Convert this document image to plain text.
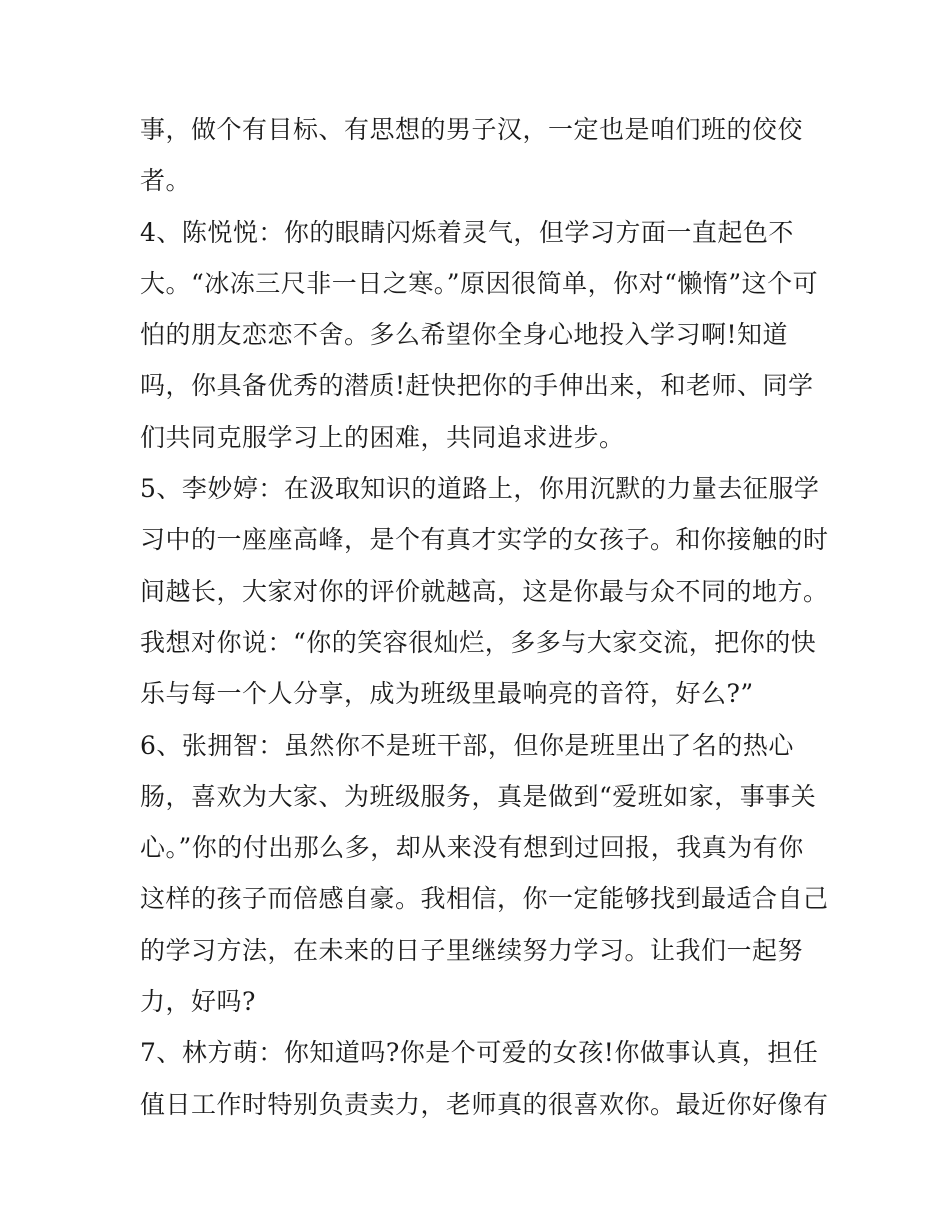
事，做个有目标、有思想的男子汉，一定也是咱们班的佼佼
者。
4、陈悦悦：你的眼睛闪烁着灵气，但学习方面一直起色不
大。“冰冻三尺非一日之寒。”原因很简单，你对“懒惰”这个可
怕的朋友恋恋不舍。多么希望你全身心地投入学习啊!知道
吗，你具备优秀的潜质!赶快把你的手伸出来，和老师、同学
们共同克服学习上的困难，共同追求进步。
5、李妙婷：在汲取知识的道路上，你用沉默的力量去征服学
习中的一座座高峰，是个有真才实学的女孩子。和你接触的时
间越长，大家对你的评价就越高，这是你最与众不同的地方。
我想对你说：“你的笑容很灿烂，多多与大家交流，把你的快
乐与每一个人分享，成为班级里最响亮的音符，好么?”
6、张拥智：虽然你不是班干部，但你是班里出了名的热心
肠，喜欢为大家、为班级服务，真是做到“爱班如家，事事关
心。”你的付出那么多，却从来没有想到过回报，我真为有你
这样的孩子而倍感自豪。我相信，你一定能够找到最适合自己
的学习方法，在未来的日子里继续努力学习。让我们一起努
力，好吗?
7、林方萌：你知道吗?你是个可爱的女孩!你做事认真，担任
值日工作时特别负责卖力，老师真的很喜欢你。最近你好像有
